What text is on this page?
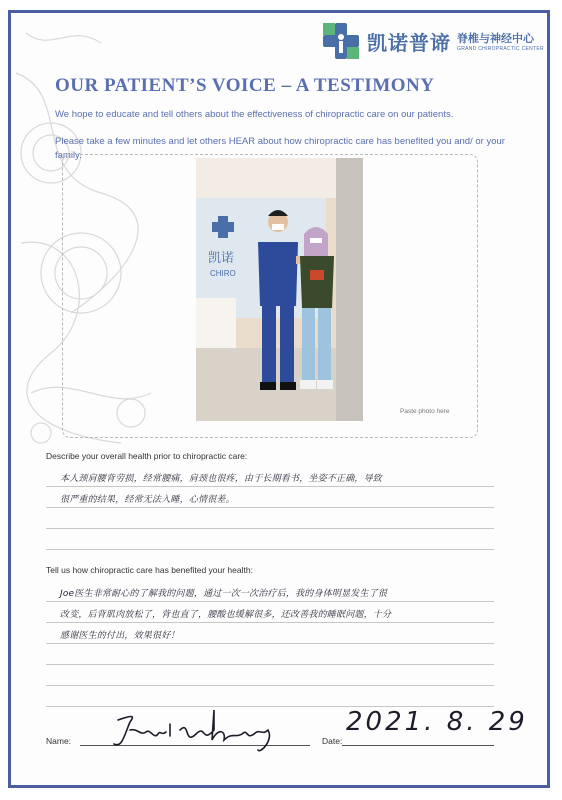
凯诺普谛 脊椎与神经中心
GRAND CHIROPRACTIC CENTER
OUR PATIENT’S VOICE – A TESTIMONY
We hope to educate and tell others about the effectiveness of chiropractic care on our patients.
Please take a few minutes and let others HEAR about how chiropractic care has benefited you and/ or your family.
凯诺
CHIRO
Paste photo here
Describe your overall health prior to chiropractic care:
本人颈肩腰背劳损，经常腰痛，肩颈也很疼，由于长期看书，坐姿不正确，导致
很严重的结果，经常无法入睡，心情很差。
Tell us how chiropractic care has benefited your health:
Joe医生非常耐心的了解我的问题，通过一次一次治疗后，我的身体明显发生了很
改变，后背肌肉放松了，背也直了，腰酸也缓解很多，还改善我的睡眠问题，十分
感谢医生的付出，效果很好！
Name:	Date:
2021. 8. 29
